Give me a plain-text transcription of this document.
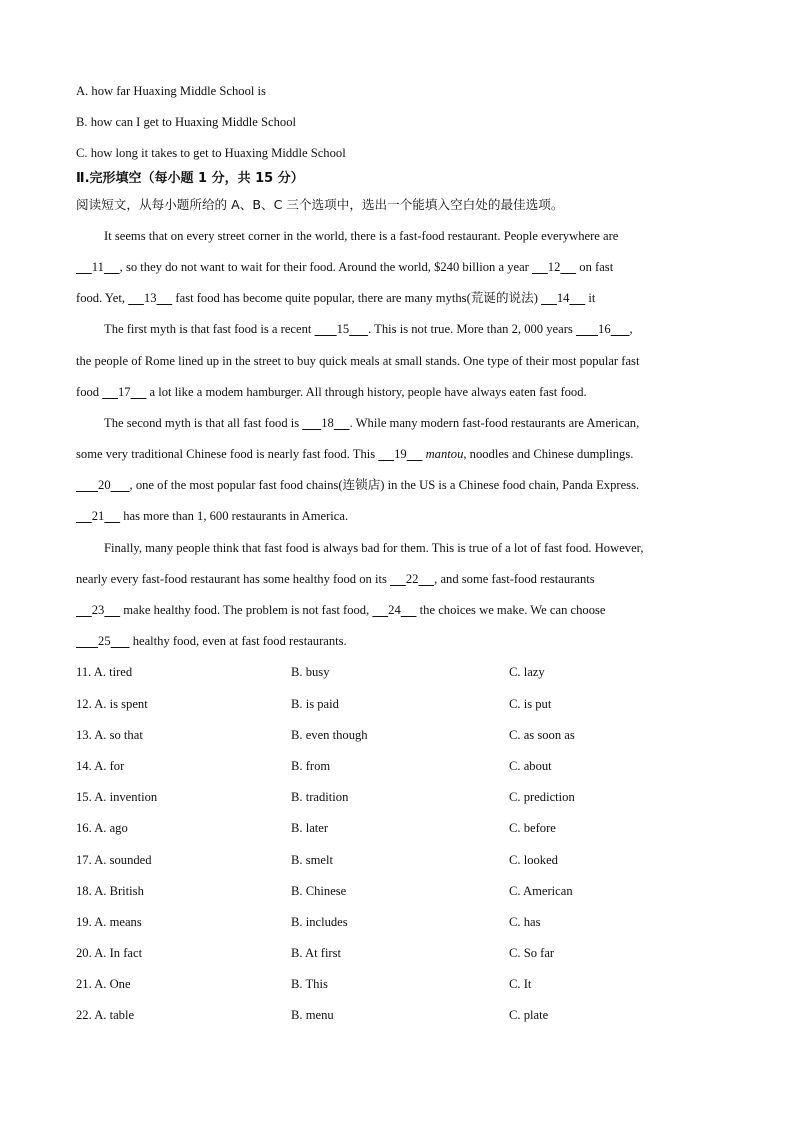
A. how far Huaxing Middle School is
B. how can I get to Huaxing Middle School
C. how long it takes to get to Huaxing Middle School
Ⅱ.完形填空（每小题 1 分，共 15 分）
阅读短文，从每小题所给的 A、B、C 三个选项中，选出一个能填入空白处的最佳选项。
It seems that on every street corner in the world, there is a fast-food restaurant. People everywhere are
11 , so they do not want to wait for their food. Around the world, $240 billion a year 12 on fast
food. Yet, 13 fast food has become quite popular, there are many myths(荒诞的说法) 14 it
The first myth is that fast food is a recent 15 . This is not true. More than 2, 000 years 16 ,
the people of Rome lined up in the street to buy quick meals at small stands. One type of their most popular fast
food 17 a lot like a modem hamburger. All through history, people have always eaten fast food.
The second myth is that all fast food is 18 . While many modern fast-food restaurants are American,
some very traditional Chinese food is nearly fast food. This 19 mantou, noodles and Chinese dumplings.
20 , one of the most popular fast food chains(连锁店) in the US is a Chinese food chain, Panda Express.
21 has more than 1, 600 restaurants in America.
Finally, many people think that fast food is always bad for them. This is true of a lot of fast food. However,
nearly every fast-food restaurant has some healthy food on its 22 , and some fast-food restaurants
23 make healthy food. The problem is not fast food, 24 the choices we make. We can choose
25 healthy food, even at fast food restaurants.
11. A. tired	B. busy	C. lazy
12. A. is spent	B. is paid	C. is put
13. A. so that	B. even though	C. as soon as
14. A. for	B. from	C. about
15. A. invention	B. tradition	C. prediction
16. A. ago	B. later	C. before
17. A. sounded	B. smelt	C. looked
18. A. British	B. Chinese	C. American
19. A. means	B. includes	C. has
20. A. In fact	B. At first	C. So far
21. A. One	B. This	C. It
22. A. table	B. menu	C. plate
